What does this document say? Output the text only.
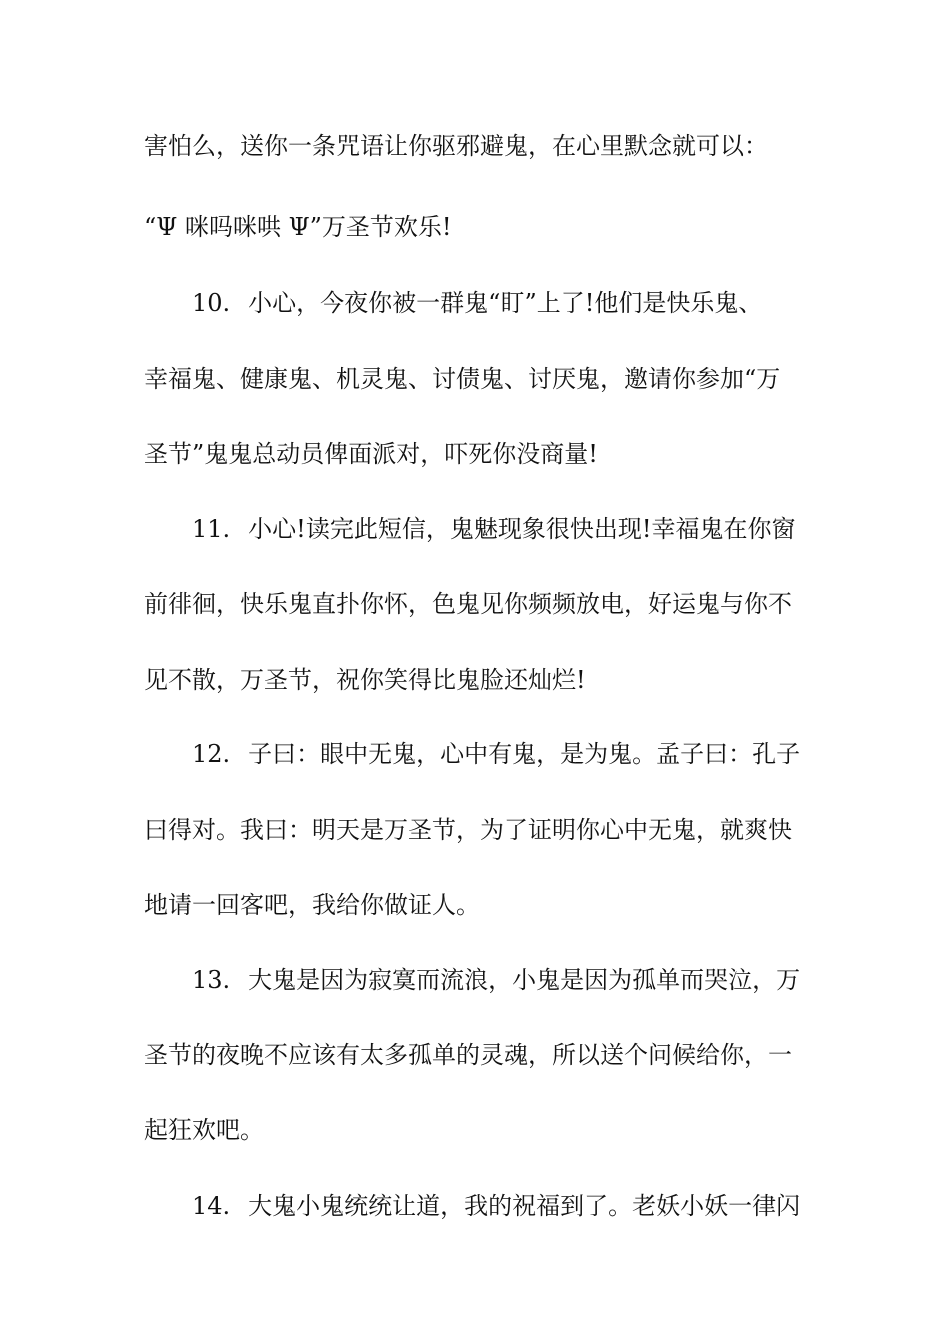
害怕么，送你一条咒语让你驱邪避鬼，在心里默念就可以：
“Ψ 咪吗咪哄 Ψ”万圣节欢乐!
10. 小心，今夜你被一群鬼“盯”上了!他们是快乐鬼、
幸福鬼、健康鬼、机灵鬼、讨债鬼、讨厌鬼，邀请你参加“万
圣节”鬼鬼总动员俾面派对，吓死你没商量!
11. 小心!读完此短信，鬼魅现象很快出现!幸福鬼在你窗
前徘徊，快乐鬼直扑你怀，色鬼见你频频放电，好运鬼与你不
见不散，万圣节，祝你笑得比鬼脸还灿烂!
12. 子曰：眼中无鬼，心中有鬼，是为鬼。孟子曰：孔子
曰得对。我曰：明天是万圣节，为了证明你心中无鬼，就爽快
地请一回客吧，我给你做证人。
13. 大鬼是因为寂寞而流浪，小鬼是因为孤单而哭泣，万
圣节的夜晚不应该有太多孤单的灵魂，所以送个问候给你，一
起狂欢吧。
14. 大鬼小鬼统统让道，我的祝福到了。老妖小妖一律闪
